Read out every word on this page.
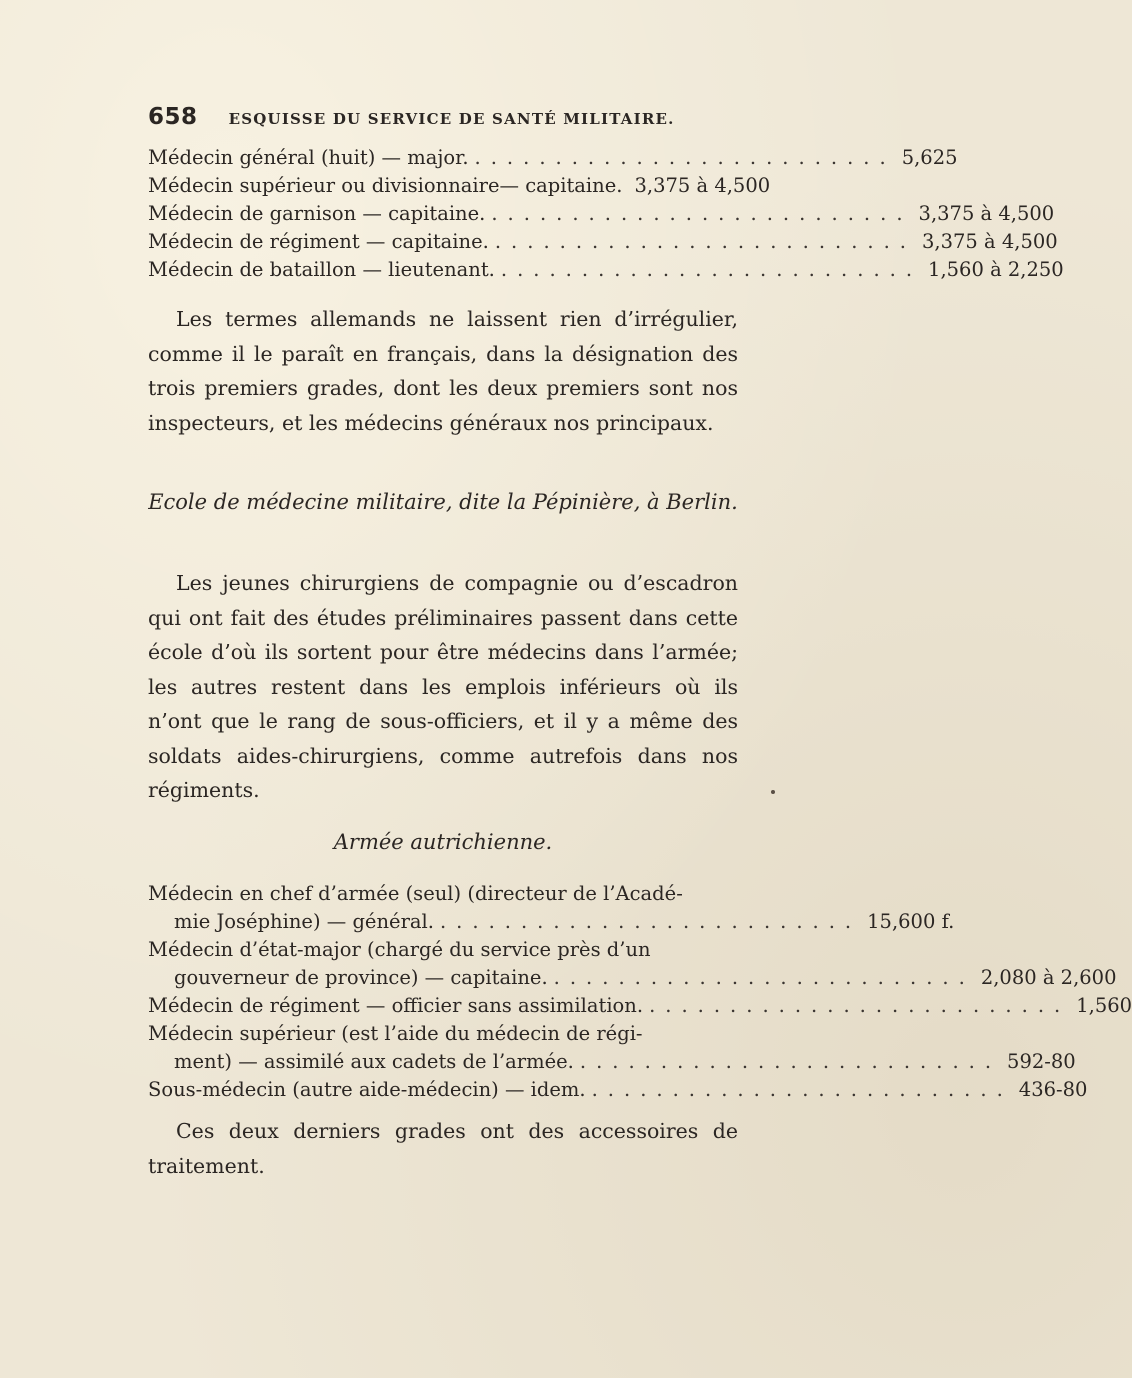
658 ESQUISSE DU SERVICE DE SANTÉ MILITAIRE.
Médecin général (huit) — major. .......................... 5,625
Médecin supérieur ou divisionnaire— capitaine. 3,375 à 4,500
Médecin de garnison — capitaine. .......................... 3,375 à 4,500
Médecin de régiment — capitaine. .......................... 3,375 à 4,500
Médecin de bataillon — lieutenant. .......................... 1,560 à 2,250

Les termes allemands ne laissent rien d’irrégulier, comme il le paraît en français, dans la désignation des trois premiers grades, dont les deux premiers sont nos inspecteurs, et les médecins généraux nos principaux.

Ecole de médecine militaire, dite la Pépinière, à Berlin.

Les jeunes chirurgiens de compagnie ou d’escadron qui ont fait des études préliminaires passent dans cette école d’où ils sortent pour être médecins dans l’armée; les autres restent dans les emplois inférieurs où ils n’ont que le rang de sous-officiers, et il y a même des soldats aides-chirurgiens, comme autrefois dans nos régiments.

Armée autrichienne.

Médecin en chef d’armée (seul) (directeur de l’Acadé-
mie Joséphine) — général. .......................... 15,600 f.
Médecin d’état-major (chargé du service près d’un
gouverneur de province) — capitaine. .......................... 2,080 à 2,600
Médecin de régiment — officier sans assimilation. .......................... 1,560
Médecin supérieur (est l’aide du médecin de régi-
ment) — assimilé aux cadets de l’armée. .......................... 592-80
Sous-médecin (autre aide-médecin) — idem. .......................... 436-80

Ces deux derniers grades ont des accessoires de traitement.
